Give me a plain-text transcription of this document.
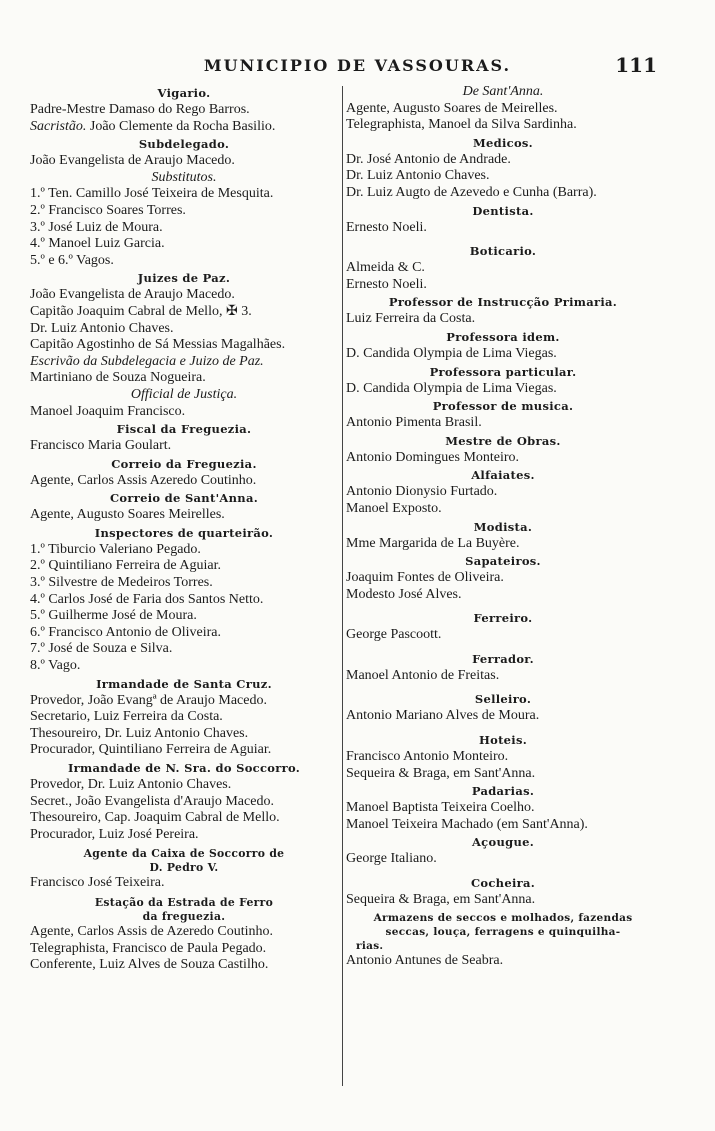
MUNICIPIO DE VASSOURAS.	111
Vigario.
Padre-Mestre Damaso do Rego Barros.
Sacristão. João Clemente da Rocha Basilio.
Subdelegado.
João Evangelista de Araujo Macedo.
Substitutos.
1.º Ten. Camillo José Teixeira de Mesquita.
2.º Francisco Soares Torres.
3.º José Luiz de Moura.
4.º Manoel Luiz Garcia.
5.º e 6.º Vagos.
Juizes de Paz.
João Evangelista de Araujo Macedo.
Capitão Joaquim Cabral de Mello, ✠ 3.
Dr. Luiz Antonio Chaves.
Capitão Agostinho de Sá Messias Magalhães.
Escrivão da Subdelegacia e Juizo de Paz.
Martiniano de Souza Nogueira.
Official de Justiça.
Manoel Joaquim Francisco.
Fiscal da Freguezia.
Francisco Maria Goulart.
Correio da Freguezia.
Agente, Carlos Assis Azeredo Coutinho.
Correio de Sant'Anna.
Agente, Augusto Soares Meirelles.
Inspectores de quarteirão.
1.º Tiburcio Valeriano Pegado.
2.º Quintiliano Ferreira de Aguiar.
3.º Silvestre de Medeiros Torres.
4.º Carlos José de Faria dos Santos Netto.
5.º Guilherme José de Moura.
6.º Francisco Antonio de Oliveira.
7.º José de Souza e Silva.
8.º Vago.
Irmandade de Santa Cruz.
Provedor, João Evangª de Araujo Macedo.
Secretario, Luiz Ferreira da Costa.
Thesoureiro, Dr. Luiz Antonio Chaves.
Procurador, Quintiliano Ferreira de Aguiar.
Irmandade de N. Sra. do Soccorro.
Provedor, Dr. Luiz Antonio Chaves.
Secret., João Evangelista d'Araujo Macedo.
Thesoureiro, Cap. Joaquim Cabral de Mello.
Procurador, Luiz José Pereira.
Agente da Caixa de Soccorro de
D. Pedro V.
Francisco José Teixeira.
Estação da Estrada de Ferro
da freguezia.
Agente, Carlos Assis de Azeredo Coutinho.
Telegraphista, Francisco de Paula Pegado.
Conferente, Luiz Alves de Souza Castilho.
De Sant'Anna.
Agente, Augusto Soares de Meirelles.
Telegraphista, Manoel da Silva Sardinha.
Medicos.
Dr. José Antonio de Andrade.
Dr. Luiz Antonio Chaves.
Dr. Luiz Augto de Azevedo e Cunha (Barra).
Dentista.
Ernesto Noeli.
Boticario.
Almeida & C.
Ernesto Noeli.
Professor de Instrucção Primaria.
Luiz Ferreira da Costa.
Professora idem.
D. Candida Olympia de Lima Viegas.
Professora particular.
D. Candida Olympia de Lima Viegas.
Professor de musica.
Antonio Pimenta Brasil.
Mestre de Obras.
Antonio Domingues Monteiro.
Alfaiates.
Antonio Dionysio Furtado.
Manoel Exposto.
Modista.
Mme Margarida de La Buyère.
Sapateiros.
Joaquim Fontes de Oliveira.
Modesto José Alves.
Ferreiro.
George Pascoott.
Ferrador.
Manoel Antonio de Freitas.
Selleiro.
Antonio Mariano Alves de Moura.
Hoteis.
Francisco Antonio Monteiro.
Sequeira & Braga, em Sant'Anna.
Padarias.
Manoel Baptista Teixeira Coelho.
Manoel Teixeira Machado (em Sant'Anna).
Açougue.
George Italiano.
Cocheira.
Sequeira & Braga, em Sant'Anna.
Armazens de seccos e molhados, fazendas
seccas, louça, ferragens e quinquilha-
rias.
Antonio Antunes de Seabra.
